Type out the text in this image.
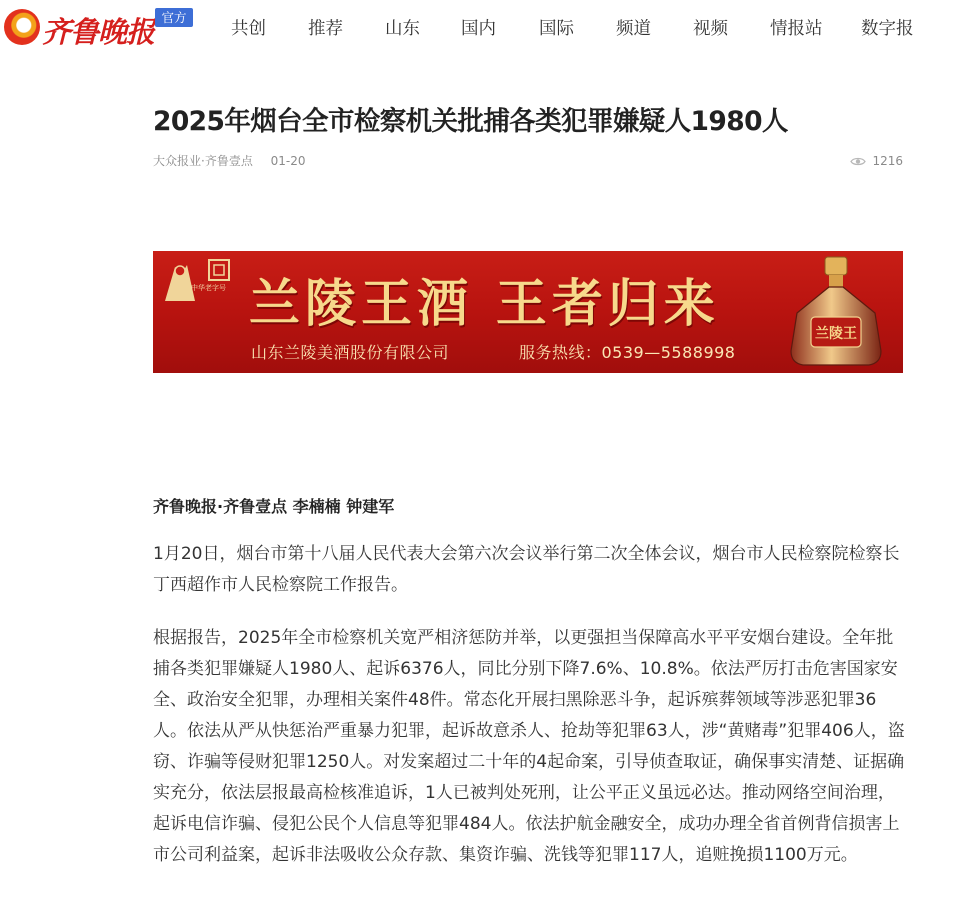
齐鲁晚报 官方
共创 推荐 山东 国内 国际 频道 视频 情报站 数字报
2025年烟台全市检察机关批捕各类犯罪嫌疑人1980人
大众报业·齐鲁壹点 01-20	1216
中华老字号 兰陵王酒 王者归来
山东兰陵美酒股份有限公司	服务热线：0539—5588998
兰陵王
齐鲁晚报·齐鲁壹点 李楠楠 钟建军

1月20日，烟台市第十八届人民代表大会第六次会议举行第二次全体会议，烟台市人民检察院检察长丁西超作市人民检察院工作报告。

根据报告，2025年全市检察机关宽严相济惩防并举，以更强担当保障高水平平安烟台建设。全年批捕各类犯罪嫌疑人1980人、起诉6376人，同比分别下降7.6%、10.8%。依法严厉打击危害国家安全、政治安全犯罪，办理相关案件48件。常态化开展扫黑除恶斗争，起诉殡葬领域等涉恶犯罪36人。依法从严从快惩治严重暴力犯罪，起诉故意杀人、抢劫等犯罪63人，涉“黄赌毒”犯罪406人，盗窃、诈骗等侵财犯罪1250人。对发案超过二十年的4起命案，引导侦查取证，确保事实清楚、证据确实充分，依法层报最高检核准追诉，1人已被判处死刑，让公平正义虽远必达。推动网络空间治理，起诉电信诈骗、侵犯公民个人信息等犯罪484人。依法护航金融安全，成功办理全省首例背信损害上市公司利益案，起诉非法吸收公众存款、集资诈骗、洗钱等犯罪117人，追赃挽损1100万元。
